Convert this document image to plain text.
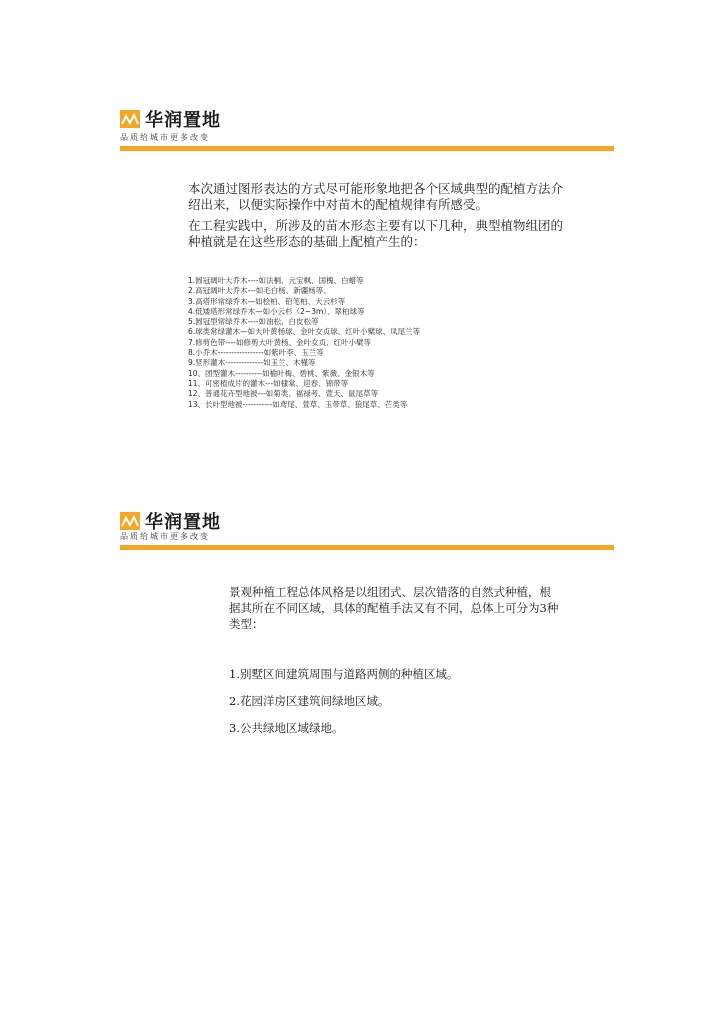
华润置地
品质给城市更多改变
本次通过图形表达的方式尽可能形象地把各个区域典型的配植方法介绍出来，以便实际操作中对苗木的配植规律有所感受。
在工程实践中，所涉及的苗木形态主要有以下几种，典型植物组团的种植就是在这些形态的基础上配植产生的：
1.圆冠阔叶大乔木----如法桐、元宝枫、国槐、白蜡等
2.高冠阔叶大乔木---如毛白杨、新疆杨等、
3.高塔形常绿乔木—如桧柏、铅笔柏、大云杉等
4.低矮塔形常绿乔木—如小云杉（2~3m）、翠柏球等
5.圆冠型常绿乔木----如油松、白皮松等
6.球类常绿灌木—如大叶黄杨球、金叶女贞球、红叶小檗球、凤尾兰等
7.修剪色带----如修剪大叶黄杨、金叶女贞、红叶小檗等
8.小乔木-----------------如紫叶李、玉兰等
9.竖形灌木--------------如玉兰、木槿等
10、团型灌木----------如榆叶梅、碧桃、紫薇、金银木等
11、可密植成片的灌木---如棣棠、迎春、锦带等
12、普通花卉型地被---如菊类、福禄考、萱天、鼠尾草等
13、长叶型地被-----------如鸢尾、萱草、玉带草、狼尾草、芒类等
华润置地
品质给城市更多改变
景观种植工程总体风格是以组团式、层次错落的自然式种植，根据其所在不同区域，具体的配植手法又有不同，总体上可分为3种类型：
1.别墅区间建筑周围与道路两侧的种植区域。
2.花园洋房区建筑间绿地区域。
3.公共绿地区域绿地。
